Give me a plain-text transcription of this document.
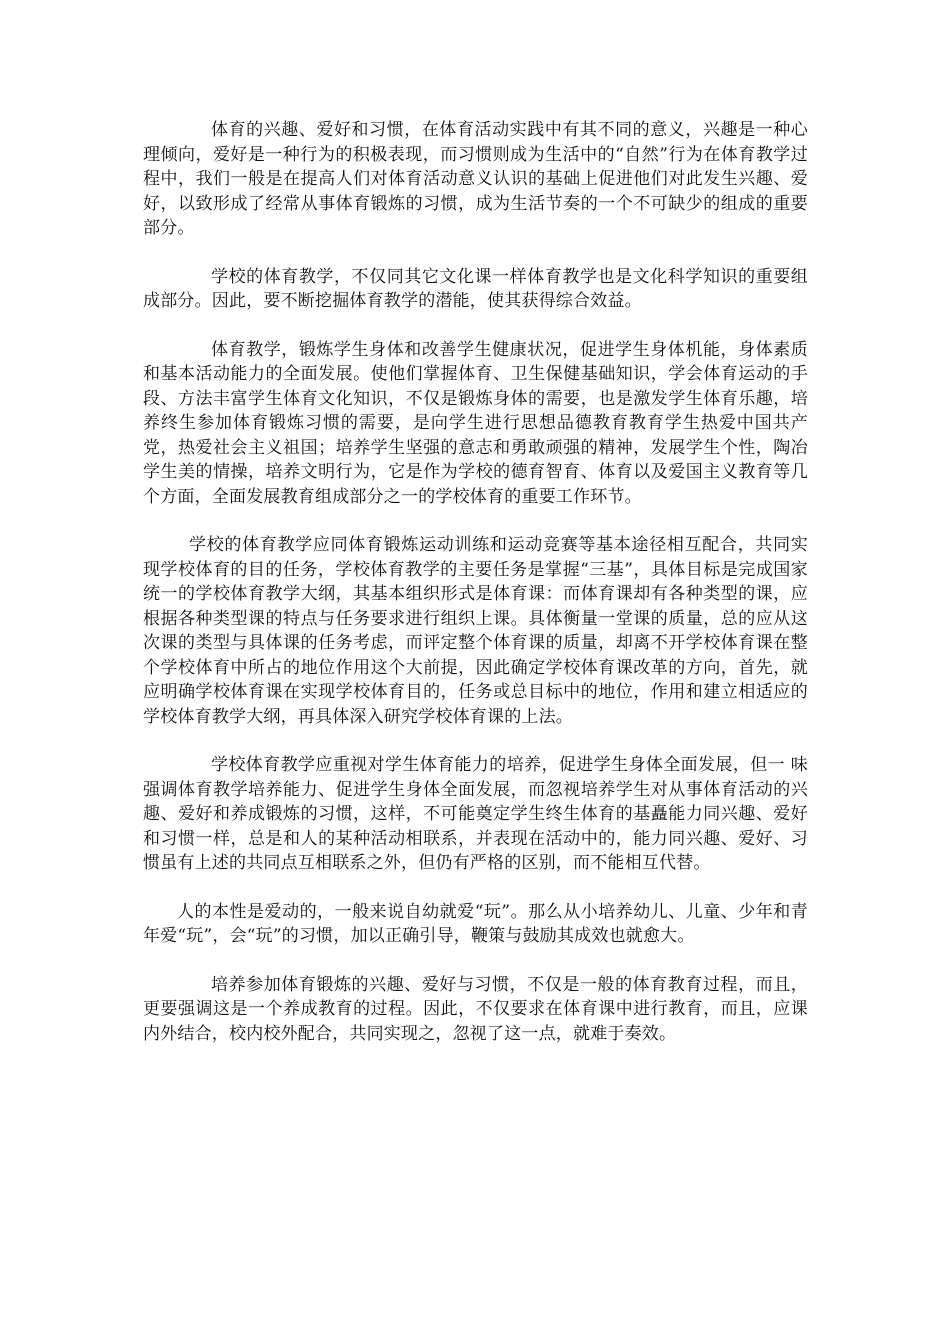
体育的兴趣、爱好和习惯，在体育活动实践中有其不同的意义，兴趣是一种心理倾向，爱好是一种行为的积极表现，而习惯则成为生活中的“自然”行为在体育教学过程中，我们一般是在提高人们对体育活动意义认识的基础上促进他们对此发生兴趣、爱好，以致形成了经常从事体育锻炼的习惯，成为生活节奏的一个不可缺少的组成的重要部分。

学校的体育教学，不仅同其它文化课一样体育教学也是文化科学知识的重要组成部分。因此，要不断挖掘体育教学的潜能，使其获得综合效益。

体育教学，锻炼学生身体和改善学生健康状况，促进学生身体机能，身体素质和基本活动能力的全面发展。使他们掌握体育、卫生保健基础知识，学会体育运动的手段、方法丰富学生体育文化知识，不仅是锻炼身体的需要，也是激发学生体育乐趣，培养终生参加体育锻炼习惯的需要，是向学生进行思想品德教育教育学生热爱中国共产党，热爱社会主义祖国；培养学生坚强的意志和勇敢顽强的精神，发展学生个性，陶冶学生美的情操，培养文明行为，它是作为学校的德育智育、体育以及爱国主义教育等几个方面，全面发展教育组成部分之一的学校体育的重要工作环节。

学校的体育教学应同体育锻炼运动训练和运动竞赛等基本途径相互配合，共同实现学校体育的目的任务，学校体育教学的主要任务是掌握“三基”，具体目标是完成国家统一的学校体育教学大纲，其基本组织形式是体育课：而体育课却有各种类型的课，应根据各种类型课的特点与任务要求进行组织上课。具体衡量一堂课的质量，总的应从这次课的类型与具体课的任务考虑，而评定整个体育课的质量，却离不开学校体育课在整个学校体育中所占的地位作用这个大前提，因此确定学校体育课改革的方向，首先，就应明确学校体育课在实现学校体育目的，任务或总目标中的地位，作用和建立相适应的学校体育教学大纲，再具体深入研究学校体育课的上法。

学校体育教学应重视对学生体育能力的培养，促进学生身体全面发展，但一 味强调体育教学培养能力、促进学生身体全面发展，而忽视培养学生对从事体育活动的兴趣、爱好和养成锻炼的习惯，这样，不可能奠定学生终生体育的基矗能力同兴趣、爱好和习惯一样，总是和人的某种活动相联系，并表现在活动中的，能力同兴趣、爱好、习惯虽有上述的共同点互相联系之外，但仍有严格的区别，而不能相互代替。

人的本性是爱动的，一般来说自幼就爱“玩”。那么从小培养幼儿、儿童、少年和青年爱“玩”，会“玩”的习惯，加以正确引导，鞭策与鼓励其成效也就愈大。

培养参加体育锻炼的兴趣、爱好与习惯，不仅是一般的体育教育过程，而且，更要强调这是一个养成教育的过程。因此，不仅要求在体育课中进行教育，而且，应课内外结合，校内校外配合，共同实现之，忽视了这一点，就难于奏效。
